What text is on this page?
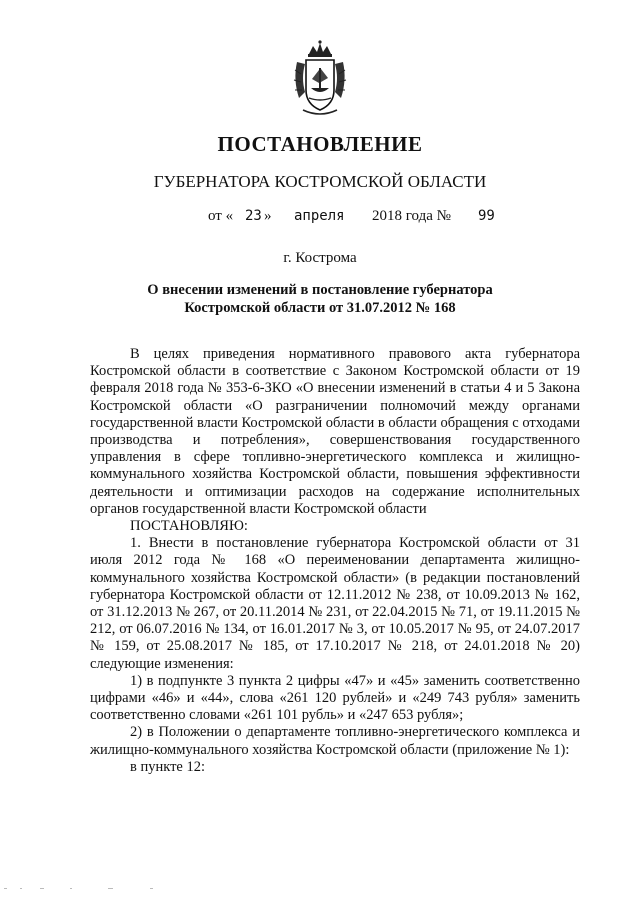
ПОСТАНОВЛЕНИЕ

ГУБЕРНАТОРА КОСТРОМСКОЙ ОБЛАСТИ

от « 23 » апреля 2018 года № 99

г. Кострома

О внесении изменений в постановление губернатора
Костромской области от 31.07.2012 № 168

В целях приведения нормативного правового акта губернатора Костромской области в соответствие с Законом Костромской области от 19 февраля 2018 года № 353-6-ЗКО «О внесении изменений в статьи 4 и 5 Закона Костромской области «О разграничении полномочий между органами государственной власти Костромской области в области обращения с отходами производства и потребления», совершенствования государственного управления в сфере топливно-энергетического комплекса и жилищно-коммунального хозяйства Костромской области, повышения эффективности деятельности и оптимизации расходов на содержание исполнительных органов государственной власти Костромской области

ПОСТАНОВЛЯЮ:

1. Внести в постановление губернатора Костромской области от 31 июля 2012 года № 168 «О переименовании департамента жилищно-коммунального хозяйства Костромской области» (в редакции постановлений губернатора Костромской области от 12.11.2012 № 238, от 10.09.2013 № 162, от 31.12.2013 № 267, от 20.11.2014 № 231, от 22.04.2015 № 71, от 19.11.2015 № 212, от 06.07.2016 № 134, от 16.01.2017 № 3, от 10.05.2017 № 95, от 24.07.2017 № 159, от 25.08.2017 № 185, от 17.10.2017 № 218, от 24.01.2018 № 20) следующие изменения:

1) в подпункте 3 пункта 2 цифры «47» и «45» заменить соответственно цифрами «46» и «44», слова «261 120 рублей» и «249 743 рубля» заменить соответственно словами «261 101 рубль» и «247 653 рубля»;

2) в Положении о департаменте топливно-энергетического комплекса и жилищно-коммунального хозяйства Костромской области (приложение № 1):

в пункте 12:
